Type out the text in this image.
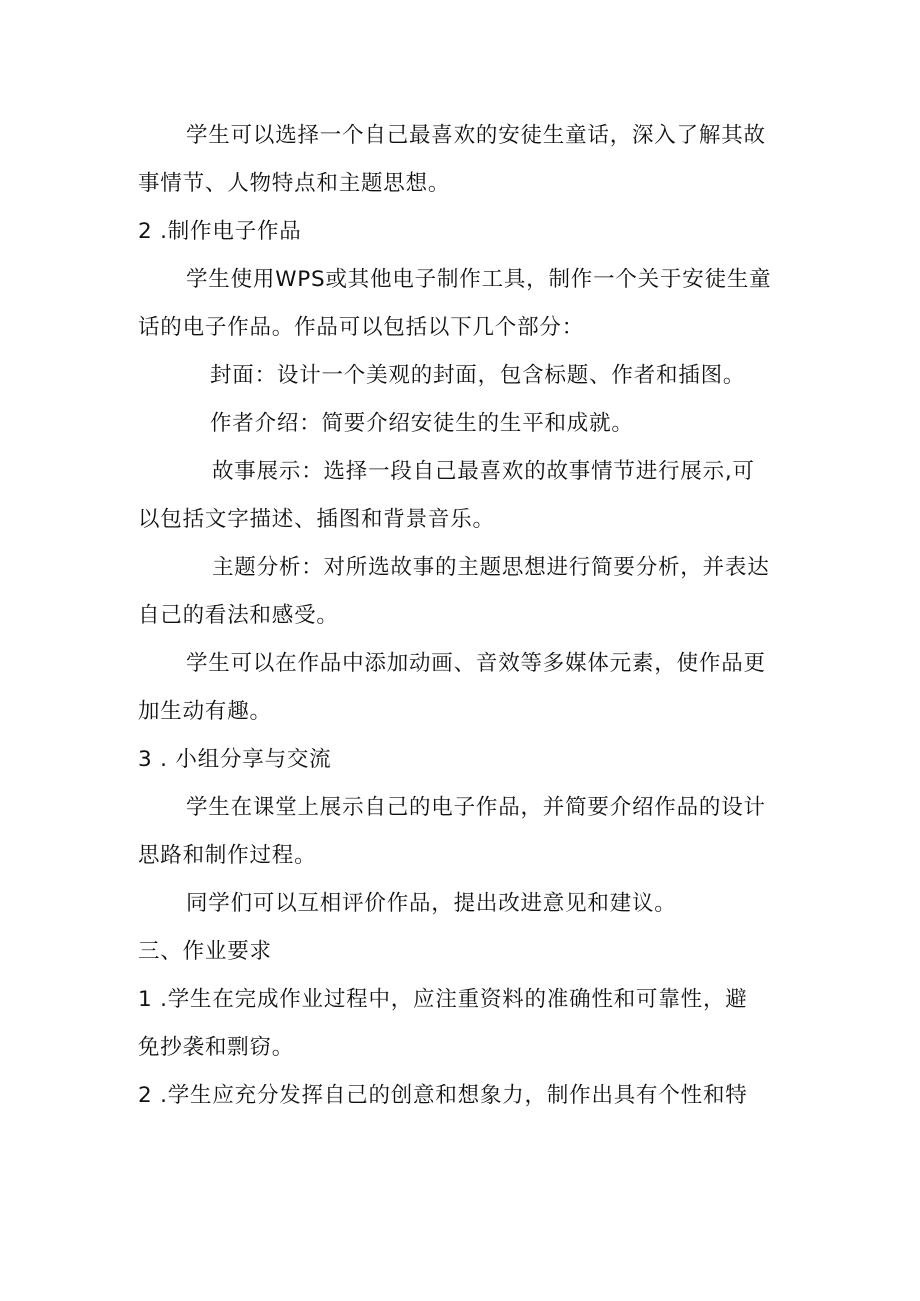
学生可以选择一个自己最喜欢的安徒生童话，深入了解其故
事情节、人物特点和主题思想。
2 .制作电子作品
学生使用WPS或其他电子制作工具，制作一个关于安徒生童
话的电子作品。作品可以包括以下几个部分：
封面：设计一个美观的封面，包含标题、作者和插图。
作者介绍：简要介绍安徒生的生平和成就。
故事展示：选择一段自己最喜欢的故事情节进行展示,可
以包括文字描述、插图和背景音乐。
主题分析：对所选故事的主题思想进行简要分析，并表达
自己的看法和感受。
学生可以在作品中添加动画、音效等多媒体元素，使作品更
加生动有趣。
3 . 小组分享与交流
学生在课堂上展示自己的电子作品，并简要介绍作品的设计
思路和制作过程。
同学们可以互相评价作品，提出改进意见和建议。
三、作业要求
1 .学生在完成作业过程中，应注重资料的准确性和可靠性，避
免抄袭和剽窃。
2 .学生应充分发挥自己的创意和想象力，制作出具有个性和特
